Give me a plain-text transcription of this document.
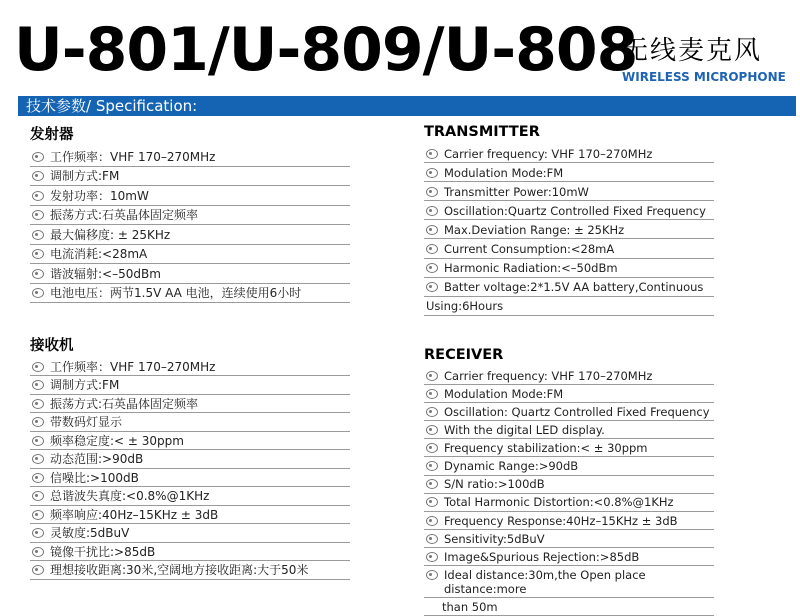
U-801/U-809/U-808
无线麦克风
WIRELESS MICROPHONE
技术参数/ Specification:
发射器
工作频率：VHF 170–270MHz
调制方式:FM
发射功率：10mW
振荡方式:石英晶体固定频率
最大偏移度: ± 25KHz
电流消耗:<28mA
谐波辐射:<–50dBm
电池电压：两节1.5V AA 电池，连续使用6小时
接收机
工作频率：VHF 170–270MHz
调制方式:FM
振荡方式:石英晶体固定频率
带数码灯显示
频率稳定度:< ± 30ppm
动态范围:>90dB
信噪比:>100dB
总谐波失真度:<0.8%@1KHz
频率响应:40Hz–15KHz ± 3dB
灵敏度:5dBuV
镜像干扰比:>85dB
理想接收距离:30米,空阔地方接收距离:大于50米
TRANSMITTER
Carrier frequency: VHF 170–270MHz
Modulation Mode:FM
Transmitter Power:10mW
Oscillation:Quartz Controlled Fixed Frequency
Max.Deviation Range: ± 25KHz
Current Consumption:<28mA
Harmonic Radiation:<–50dBm
Batter voltage:2*1.5V AA battery,Continuous
Using:6Hours
RECEIVER
Carrier frequency: VHF 170–270MHz
Modulation Mode:FM
Oscillation: Quartz Controlled Fixed Frequency
With the digital LED display.
Frequency stabilization:< ± 30ppm
Dynamic Range:>90dB
S/N ratio:>100dB
Total Harmonic Distortion:<0.8%@1KHz
Frequency Response:40Hz–15KHz ± 3dB
Sensitivity:5dBuV
Image&Spurious Rejection:>85dB
Ideal distance:30m,the Open place distance:more
than 50m
